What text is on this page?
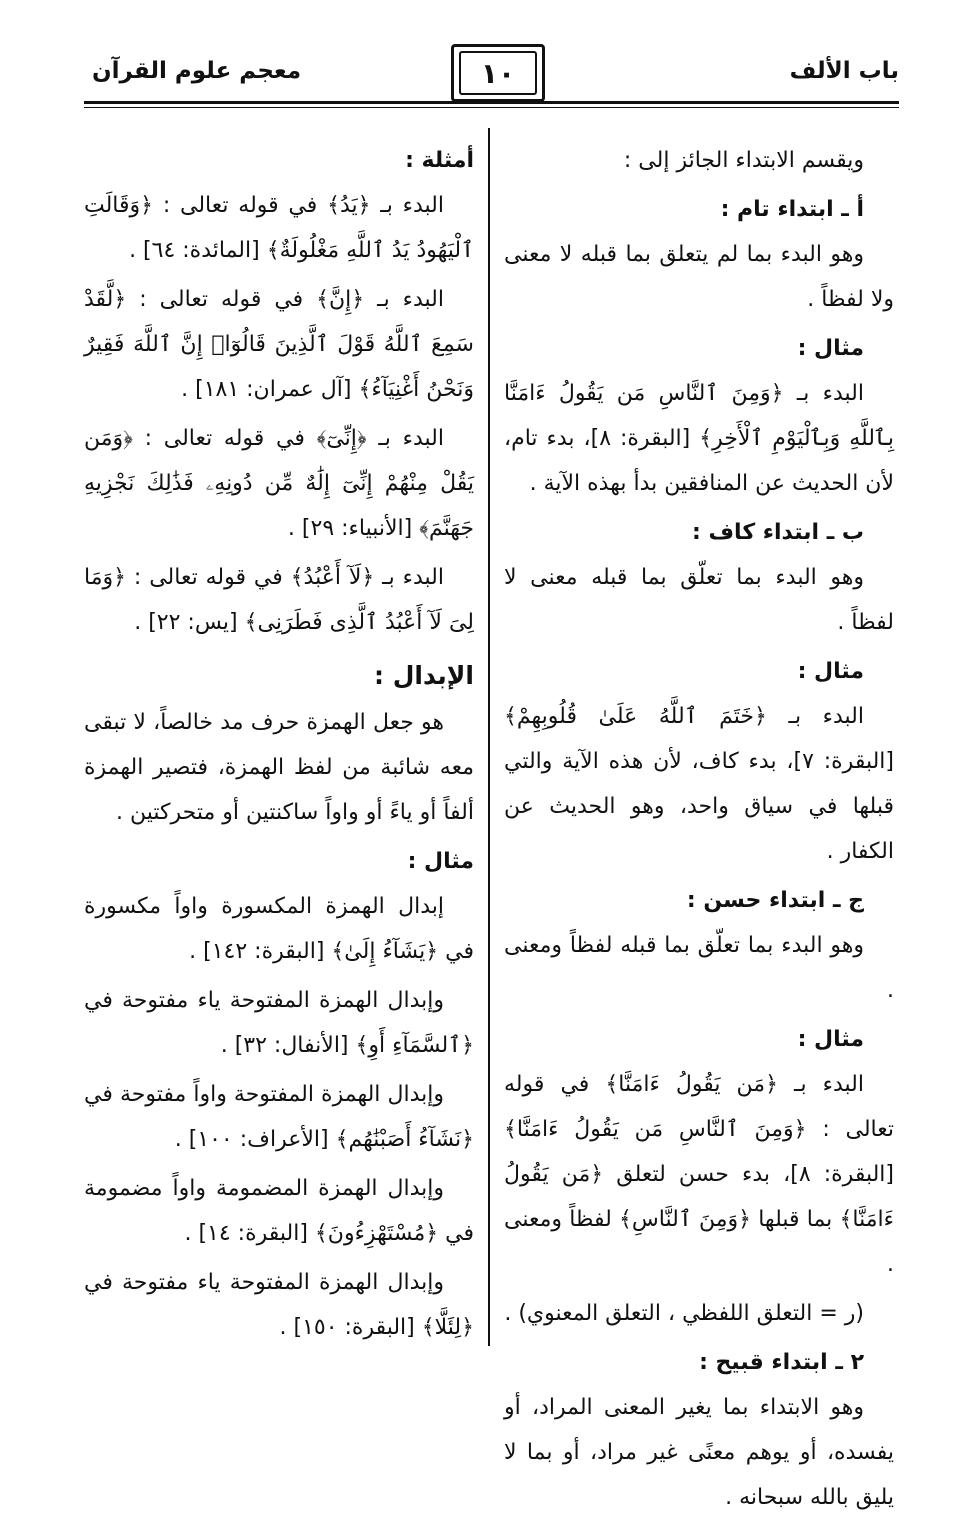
باب الألف
١٠
معجم علوم القرآن

ويقسم الابتداء الجائز إلى :

أ ـ ابتداء تام :

وهو البدء بما لم يتعلق بما قبله لا معنى ولا لفظاً .

مثال :

البدء بـ ﴿وَمِنَ ٱلنَّاسِ مَن يَقُولُ ءَامَنَّا بِٱللَّهِ وَبِٱلْيَوْمِ ٱلْأَخِرِ﴾ [البقرة: ٨]، بدء تام، لأن الحديث عن المنافقين بدأ بهذه الآية .

ب ـ ابتداء كاف :

وهو البدء بما تعلّق بما قبله معنى لا لفظاً .

مثال :

البدء بـ ﴿خَتَمَ ٱللَّهُ عَلَىٰ قُلُوبِهِمْ﴾ [البقرة: ٧]، بدء كاف، لأن هذه الآية والتي قبلها في سياق واحد، وهو الحديث عن الكفار .

ج ـ ابتداء حسن :

وهو البدء بما تعلّق بما قبله لفظاً ومعنى .

مثال :

البدء بـ ﴿مَن يَقُولُ ءَامَنَّا﴾ في قوله تعالى : ﴿وَمِنَ ٱلنَّاسِ مَن يَقُولُ ءَامَنَّا﴾ [البقرة: ٨]، بدء حسن لتعلق ﴿مَن يَقُولُ ءَامَنَّا﴾ بما قبلها ﴿وَمِنَ ٱلنَّاسِ﴾ لفظاً ومعنى .

(ر = التعلق اللفظي ، التعلق المعنوي) .

٢ ـ ابتداء قبيح :

وهو الابتداء بما يغير المعنى المراد، أو يفسده، أو يوهم معنًى غير مراد، أو بما لا يليق بالله سبحانه .

أمثلة :

البدء بـ ﴿يَدُ﴾ في قوله تعالى : ﴿وَقَالَتِ ٱلْيَهُودُ يَدُ ٱللَّهِ مَغْلُولَةٌ﴾ [المائدة: ٦٤] .

البدء بـ ﴿إِنَّ﴾ في قوله تعالى : ﴿لَّقَدْ سَمِعَ ٱللَّهُ قَوْلَ ٱلَّذِينَ قَالُوٓا۟ إِنَّ ٱللَّهَ فَقِيرٌ وَنَحْنُ أَغْنِيَآءُ﴾ [آل عمران: ١٨١] .

البدء بـ ﴿إِنِّىٓ﴾ في قوله تعالى : ﴿وَمَن يَقُلْ مِنْهُمْ إِنِّىٓ إِلَٰهٌ مِّن دُونِهِۦ فَذَٰلِكَ نَجْزِيهِ جَهَنَّمَ﴾ [الأنبياء: ٢٩] .

البدء بـ ﴿لَآ أَعْبُدُ﴾ في قوله تعالى : ﴿وَمَا لِىَ لَآ أَعْبُدُ ٱلَّذِى فَطَرَنِى﴾ [يس: ٢٢] .

الإبدال :

هو جعل الهمزة حرف مد خالصاً، لا تبقى معه شائبة من لفظ الهمزة، فتصير الهمزة ألفاً أو ياءً أو واواً ساكنتين أو متحركتين .

مثال :

إبدال الهمزة المكسورة واواً مكسورة في ﴿يَشَآءُ إِلَىٰ﴾ [البقرة: ١٤٢] .

وإبدال الهمزة المفتوحة ياء مفتوحة في ﴿ٱلسَّمَآءِ أَوِ﴾ [الأنفال: ٣٢] .

وإبدال الهمزة المفتوحة واواً مفتوحة في ﴿نَشَآءُ أَصَبْنَٰهُم﴾ [الأعراف: ١٠٠] .

وإبدال الهمزة المضمومة واواً مضمومة في ﴿مُسْتَهْزِءُونَ﴾ [البقرة: ١٤] .

وإبدال الهمزة المفتوحة ياء مفتوحة في ﴿لِئَلَّا﴾ [البقرة: ١٥٠] .
